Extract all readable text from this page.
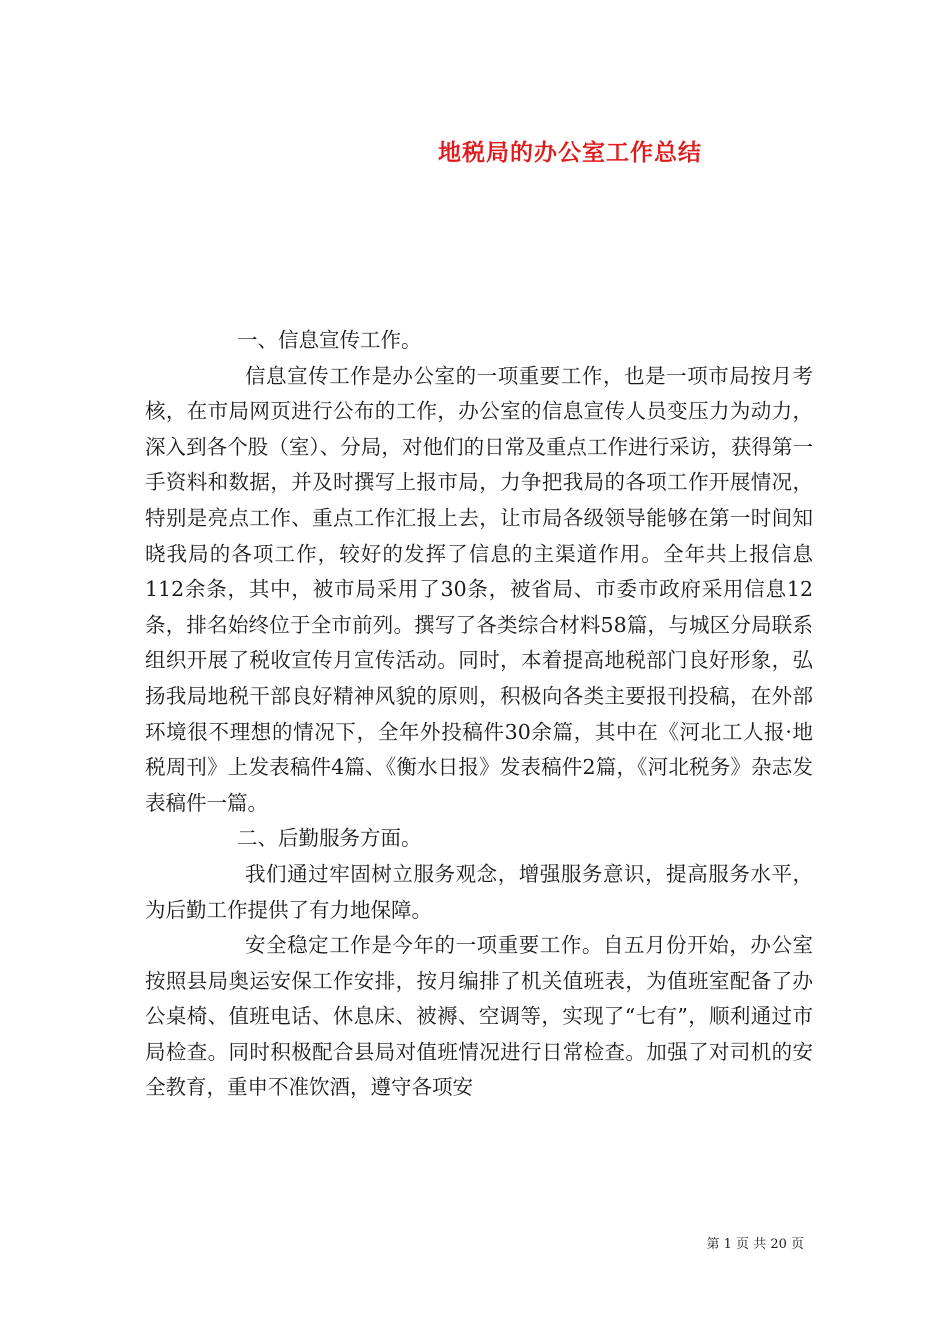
地税局的办公室工作总结

一、信息宣传工作。

信息宣传工作是办公室的一项重要工作，也是一项市局按月考核，在市局网页进行公布的工作，办公室的信息宣传人员变压力为动力，深入到各个股（室）、分局，对他们的日常及重点工作进行采访，获得第一手资料和数据，并及时撰写上报市局，力争把我局的各项工作开展情况，特别是亮点工作、重点工作汇报上去，让市局各级领导能够在第一时间知晓我局的各项工作，较好的发挥了信息的主渠道作用。全年共上报信息112余条，其中，被市局采用了30条，被省局、市委市政府采用信息12条，排名始终位于全市前列。撰写了各类综合材料58篇，与城区分局联系组织开展了税收宣传月宣传活动。同时，本着提高地税部门良好形象，弘扬我局地税干部良好精神风貌的原则，积极向各类主要报刊投稿，在外部环境很不理想的情况下，全年外投稿件30余篇，其中在《河北工人报·地税周刊》上发表稿件4篇、《衡水日报》发表稿件2篇，《河北税务》杂志发表稿件一篇。

二、后勤服务方面。

我们通过牢固树立服务观念，增强服务意识，提高服务水平，为后勤工作提供了有力地保障。

安全稳定工作是今年的一项重要工作。自五月份开始，办公室按照县局奥运安保工作安排，按月编排了机关值班表，为值班室配备了办公桌椅、值班电话、休息床、被褥、空调等，实现了“七有”，顺利通过市局检查。同时积极配合县局对值班情况进行日常检查。加强了对司机的安全教育，重申不准饮酒，遵守各项安

第 1 页 共 20 页
